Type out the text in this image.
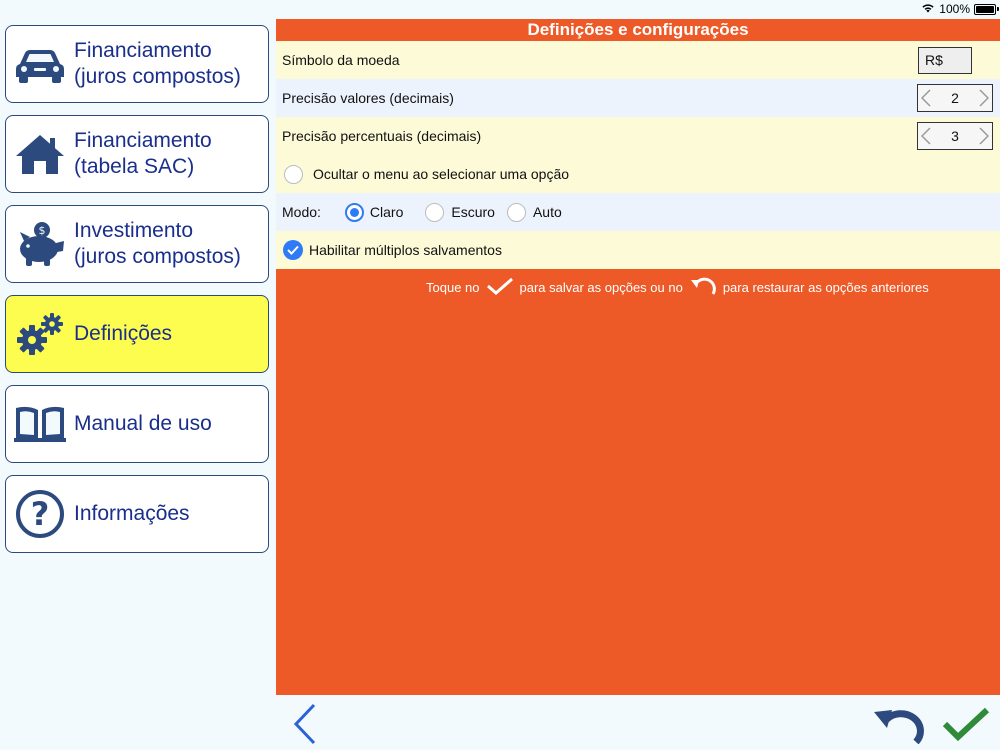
100%
Financiamento
(juros compostos)
Financiamento
(tabela SAC)
$ Investimento
(juros compostos)
Definições
Manual de uso
? Informações
Definições e configurações
Símbolo da moeda	R$
Precisão valores (decimais)	2
Precisão percentuais (decimais)	3
Ocultar o menu ao selecionar uma opção
Modo:	Claro	Escuro	Auto
Habilitar múltiplos salvamentos
Toque no	para salvar as opções ou no	para restaurar as opções anteriores
